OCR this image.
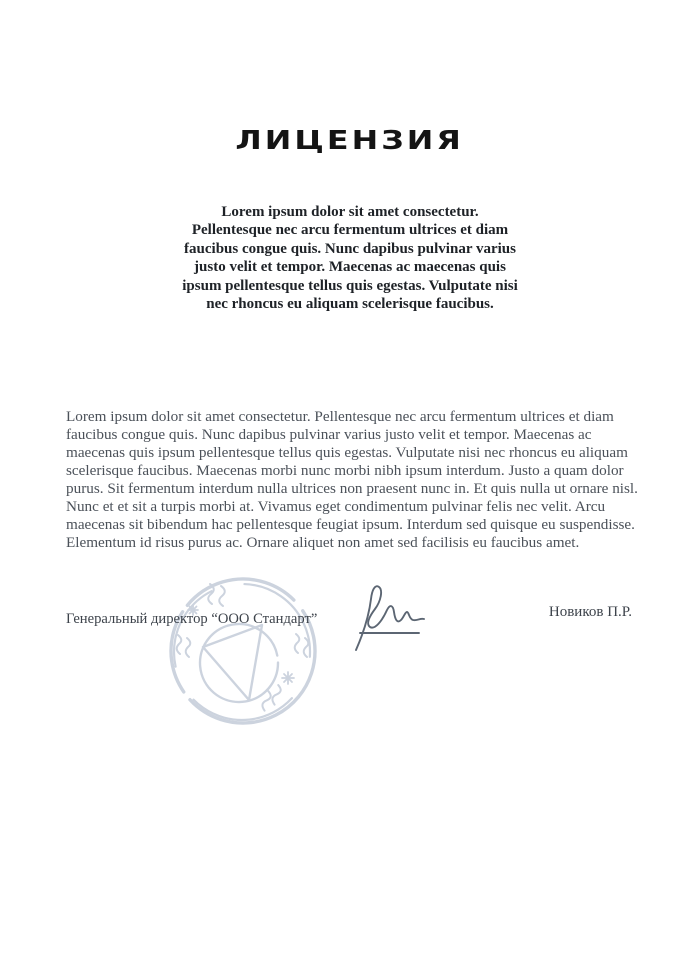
ЛИЦЕНЗИЯ

Lorem ipsum dolor sit amet consectetur. Pellentesque nec arcu fermentum ultrices et diam faucibus congue quis. Nunc dapibus pulvinar varius justo velit et tempor. Maecenas ac maecenas quis ipsum pellentesque tellus quis egestas. Vulputate nisi nec rhoncus eu aliquam scelerisque faucibus.

Lorem ipsum dolor sit amet consectetur. Pellentesque nec arcu fermentum ultrices et diam faucibus congue quis. Nunc dapibus pulvinar varius justo velit et tempor. Maecenas ac maecenas quis ipsum pellentesque tellus quis egestas. Vulputate nisi nec rhoncus eu aliquam scelerisque faucibus. Maecenas morbi nunc morbi nibh ipsum interdum. Justo a quam dolor purus. Sit fermentum interdum nulla ultrices non praesent nunc in. Et quis nulla ut ornare nisl. Nunc et et sit a turpis morbi at. Vivamus eget condimentum pulvinar felis nec velit. Arcu maecenas sit bibendum hac pellentesque feugiat ipsum. Interdum sed quisque eu suspendisse. Elementum id risus purus ac. Ornare aliquet non amet sed facilisis eu faucibus amet.

Генеральный директор “ООО Стандарт”	Новиков П.Р.
